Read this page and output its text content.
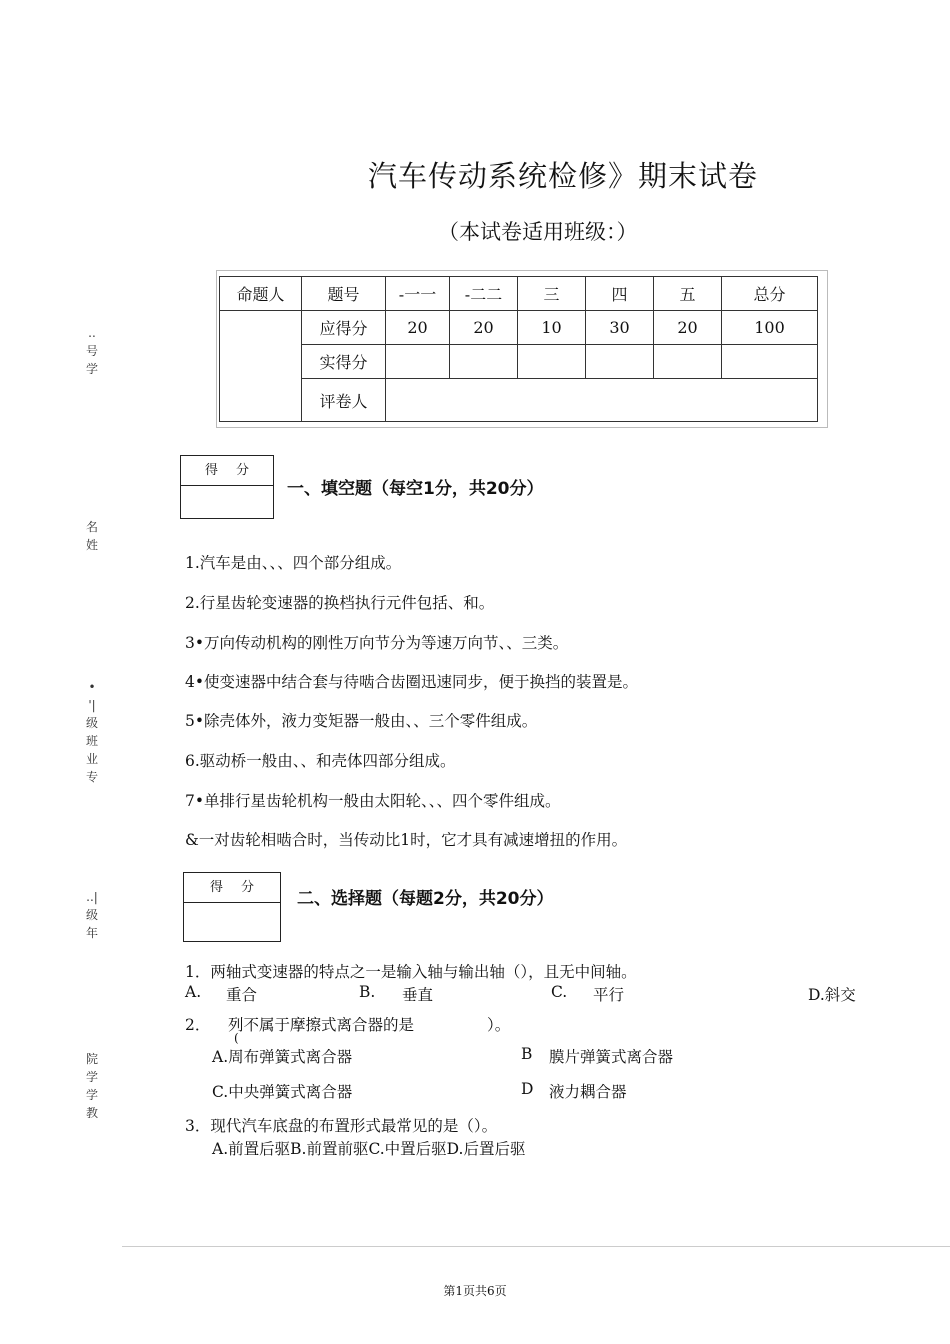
汽车传动系统检修》期末试卷
（本试卷适用班级：）
命题人	题号	-一一	-二二	三	四	五	总分
	应得分	20	20	10	30	20	100
	实得分						
	评卷人						
..
号
学
名
姓
•
'|
级
班
业
专
..|
级
年
院
学
学
教
得分
一、填空题（每空1分，共20分）
1.汽车是由、、、四个部分组成。
2.行星齿轮变速器的换档执行元件包括、和。
3•万向传动机构的刚性万向节分为等速万向节、、三类。
4•使变速器中结合套与待啮合齿圈迅速同步，便于换挡的装置是。
5•除壳体外，液力变矩器一般由、、三个零件组成。
6.驱动桥一般由、、和壳体四部分组成。
7•单排行星齿轮机构一般由太阳轮、、、四个零件组成。
&一对齿轮相啮合时，当传动比1时，它才具有减速增扭的作用。
得分
二、选择题（每题2分，共20分）
1．两轴式变速器的特点之一是输入轴与输出轴（），且无中间轴。
A. 重合	B. 垂直	C. 平行	D.斜交
2． 列不属于摩擦式离合器的是	）。
(
A.周布弹簧式离合器	B 膜片弹簧式离合器
C.中央弹簧式离合器	D 液力耦合器
3．现代汽车底盘的布置形式最常见的是（）。
A.前置后驱B.前置前驱C.中置后驱D.后置后驱
第1页共6页
